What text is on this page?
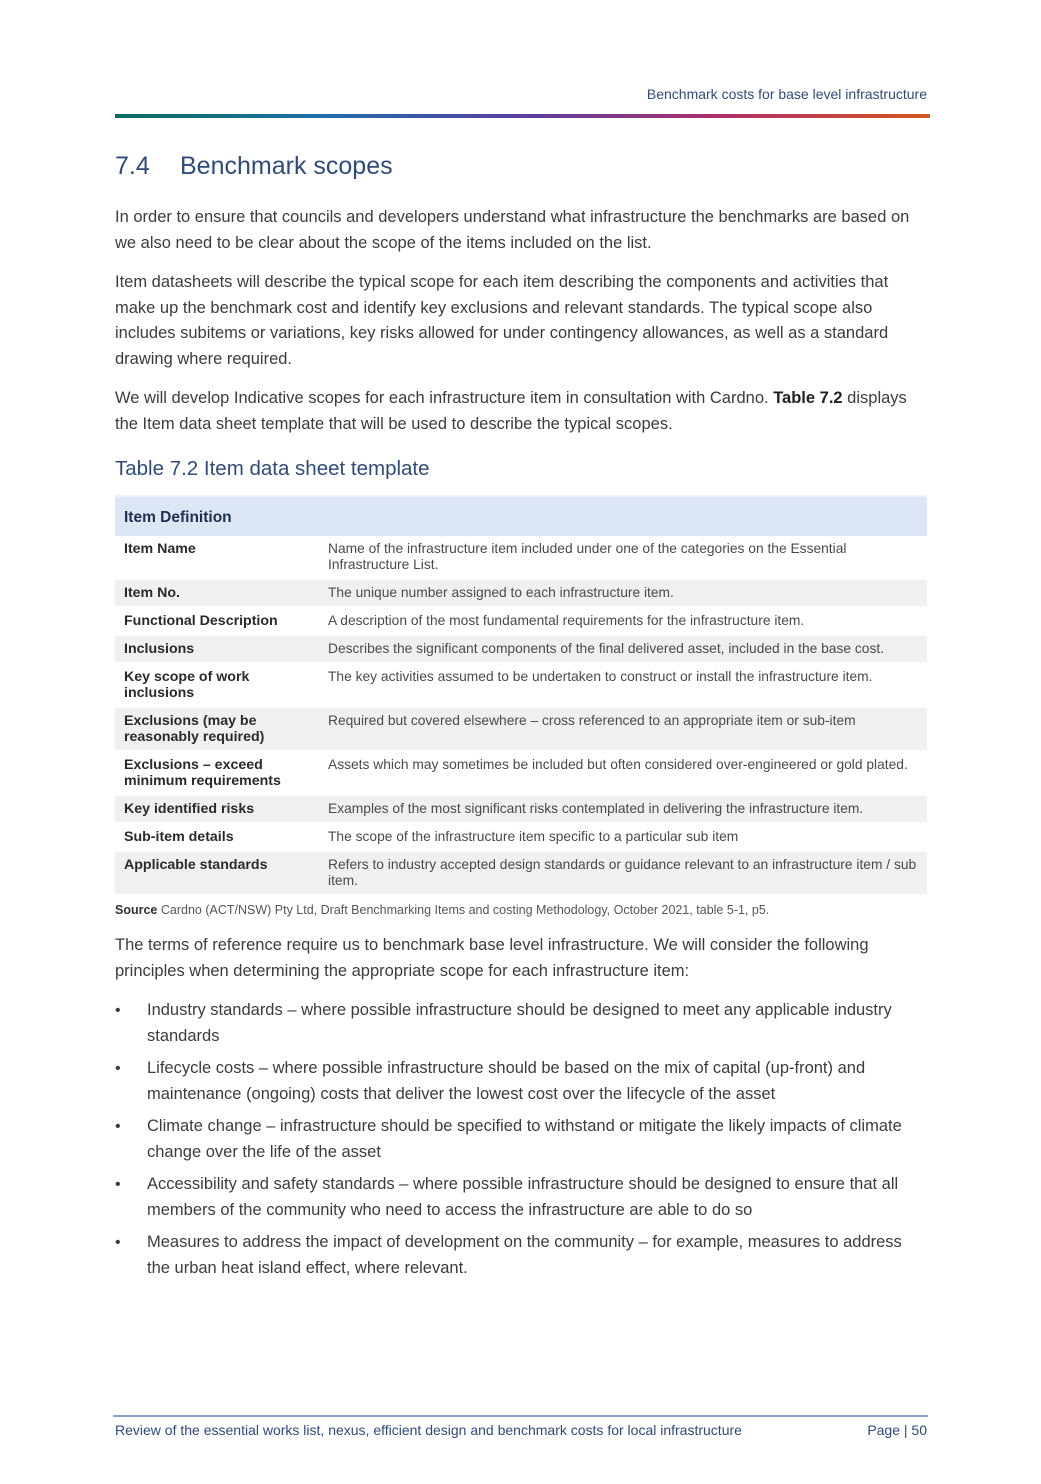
Benchmark costs for base level infrastructure
7.4 Benchmark scopes

In order to ensure that councils and developers understand what infrastructure the benchmarks are based on we also need to be clear about the scope of the items included on the list.

Item datasheets will describe the typical scope for each item describing the components and activities that make up the benchmark cost and identify key exclusions and relevant standards. The typical scope also includes subitems or variations, key risks allowed for under contingency allowances, as well as a standard drawing where required.

We will develop Indicative scopes for each infrastructure item in consultation with Cardno. Table 7.2 displays the Item data sheet template that will be used to describe the typical scopes.

Table 7.2 Item data sheet template
Item Definition	
Item Name	Name of the infrastructure item included under one of the categories on the Essential Infrastructure List.
Item No.	The unique number assigned to each infrastructure item.
Functional Description	A description of the most fundamental requirements for the infrastructure item.
Inclusions	Describes the significant components of the final delivered asset, included in the base cost.
Key scope of work inclusions	The key activities assumed to be undertaken to construct or install the infrastructure item.
Exclusions (may be reasonably required)	Required but covered elsewhere – cross referenced to an appropriate item or sub-item
Exclusions – exceed minimum requirements	Assets which may sometimes be included but often considered over-engineered or gold plated.
Key identified risks	Examples of the most significant risks contemplated in delivering the infrastructure item.
Sub-item details	The scope of the infrastructure item specific to a particular sub item
Applicable standards	Refers to industry accepted design standards or guidance relevant to an infrastructure item / sub item.
Source Cardno (ACT/NSW) Pty Ltd, Draft Benchmarking Items and costing Methodology, October 2021, table 5-1, p5.

The terms of reference require us to benchmark base level infrastructure. We will consider the following principles when determining the appropriate scope for each infrastructure item:

• Industry standards – where possible infrastructure should be designed to meet any applicable industry standards
• Lifecycle costs – where possible infrastructure should be based on the mix of capital (up-front) and maintenance (ongoing) costs that deliver the lowest cost over the lifecycle of the asset
• Climate change – infrastructure should be specified to withstand or mitigate the likely impacts of climate change over the life of the asset
• Accessibility and safety standards – where possible infrastructure should be designed to ensure that all members of the community who need to access the infrastructure are able to do so
• Measures to address the impact of development on the community – for example, measures to address the urban heat island effect, where relevant.
Review of the essential works list, nexus, efficient design and benchmark costs for local infrastructure	Page | 50
